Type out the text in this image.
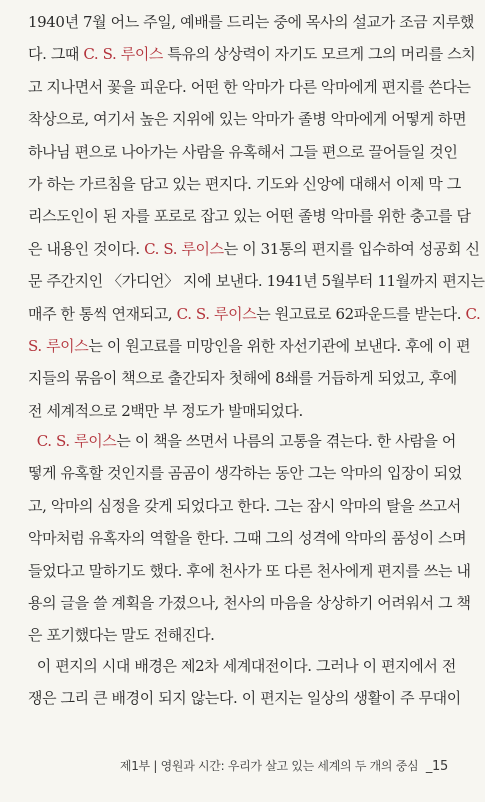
1940년 7월 어느 주일, 예배를 드리는 중에 목사의 설교가 조금 지루했
다. 그때 C. S. 루이스 특유의 상상력이 자기도 모르게 그의 머리를 스치
고 지나면서 꽃을 피운다. 어떤 한 악마가 다른 악마에게 편지를 쓴다는
착상으로, 여기서 높은 지위에 있는 악마가 졸병 악마에게 어떻게 하면
하나님 편으로 나아가는 사람을 유혹해서 그들 편으로 끌어들일 것인
가 하는 가르침을 담고 있는 편지다. 기도와 신앙에 대해서 이제 막 그
리스도인이 된 자를 포로로 잡고 있는 어떤 졸병 악마를 위한 충고를 담
은 내용인 것이다. C. S. 루이스는 이 31통의 편지를 입수하여 성공회 신
문 주간지인 〈가디언〉 지에 보낸다. 1941년 5월부터 11월까지 편지는
매주 한 통씩 연재되고, C. S. 루이스는 원고료로 62파운드를 받는다. C.
S. 루이스는 이 원고료를 미망인을 위한 자선기관에 보낸다. 후에 이 편
지들의 묶음이 책으로 출간되자 첫해에 8쇄를 거듭하게 되었고, 후에
전 세계적으로 2백만 부 정도가 발매되었다.
C. S. 루이스는 이 책을 쓰면서 나름의 고통을 겪는다. 한 사람을 어
떻게 유혹할 것인지를 곰곰이 생각하는 동안 그는 악마의 입장이 되었
고, 악마의 심정을 갖게 되었다고 한다. 그는 잠시 악마의 탈을 쓰고서
악마처럼 유혹자의 역할을 한다. 그때 그의 성격에 악마의 품성이 스며
들었다고 말하기도 했다. 후에 천사가 또 다른 천사에게 편지를 쓰는 내
용의 글을 쓸 계획을 가졌으나, 천사의 마음을 상상하기 어려워서 그 책
은 포기했다는 말도 전해진다.
이 편지의 시대 배경은 제2차 세계대전이다. 그러나 이 편지에서 전
쟁은 그리 큰 배경이 되지 않는다. 이 편지는 일상의 생활이 주 무대이
제1부 | 영원과 시간: 우리가 살고 있는 세계의 두 개의 중심 _15
